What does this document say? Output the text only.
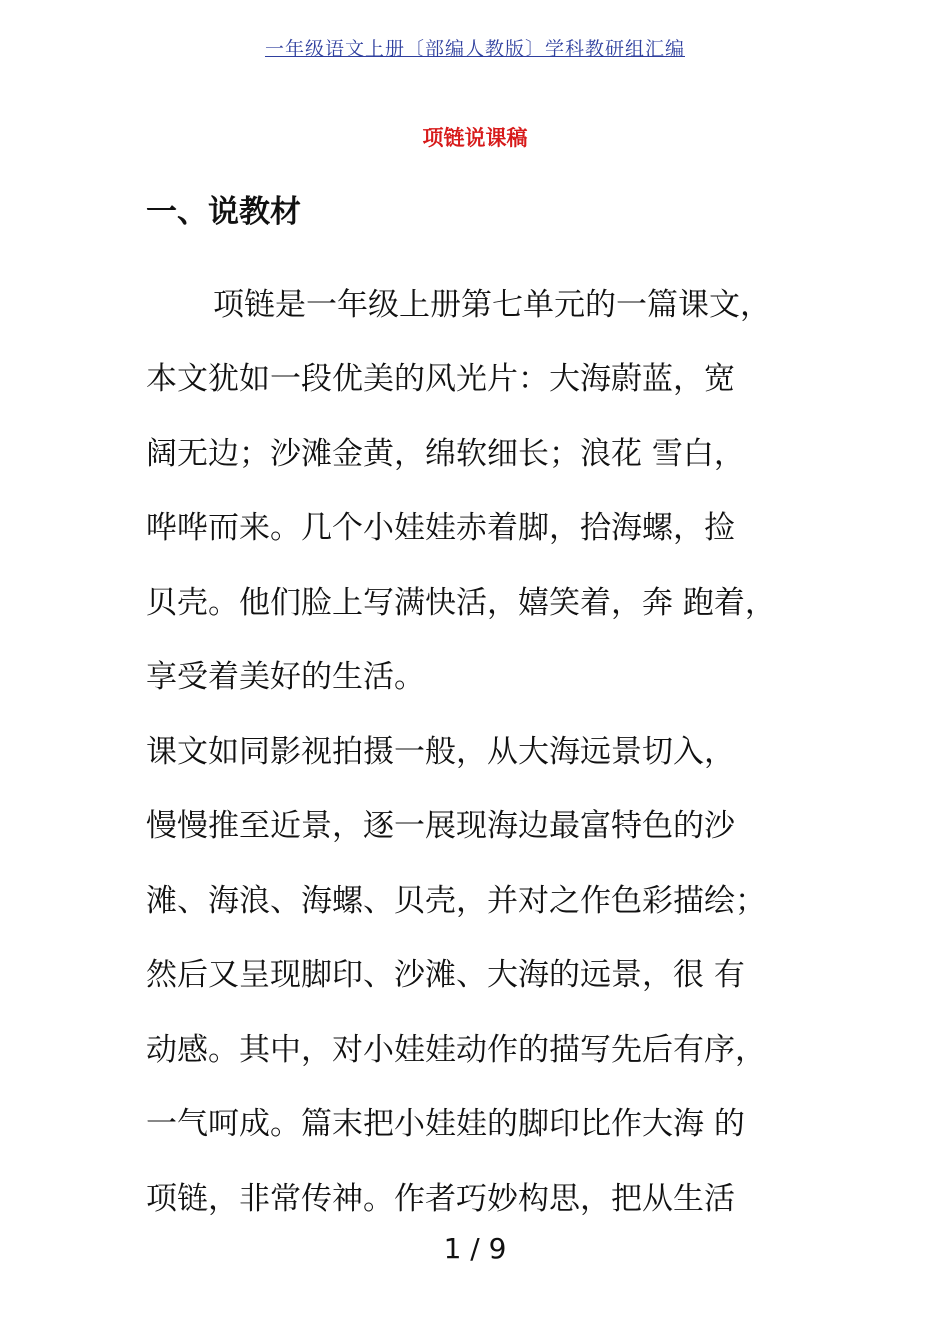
一年级语文上册〔部编人教版〕学科教研组汇编
项链说课稿
一、说教材
项链是一年级上册第七单元的一篇课文，
本文犹如一段优美的风光片：大海蔚蓝，宽
阔无边；沙滩金黄，绵软细长；浪花 雪白，
哗哗而来。几个小娃娃赤着脚，拾海螺，捡
贝壳。他们脸上写满快活，嬉笑着，奔 跑着，
享受着美好的生活。
课文如同影视拍摄一般，从大海远景切入，
慢慢推至近景，逐一展现海边最富特色的沙
滩、海浪、海螺、贝壳，并对之作色彩描绘；
然后又呈现脚印、沙滩、大海的远景，很 有
动感。其中，对小娃娃动作的描写先后有序，
一气呵成。篇末把小娃娃的脚印比作大海 的
项链，非常传神。作者巧妙构思，把从生活
1 / 9
